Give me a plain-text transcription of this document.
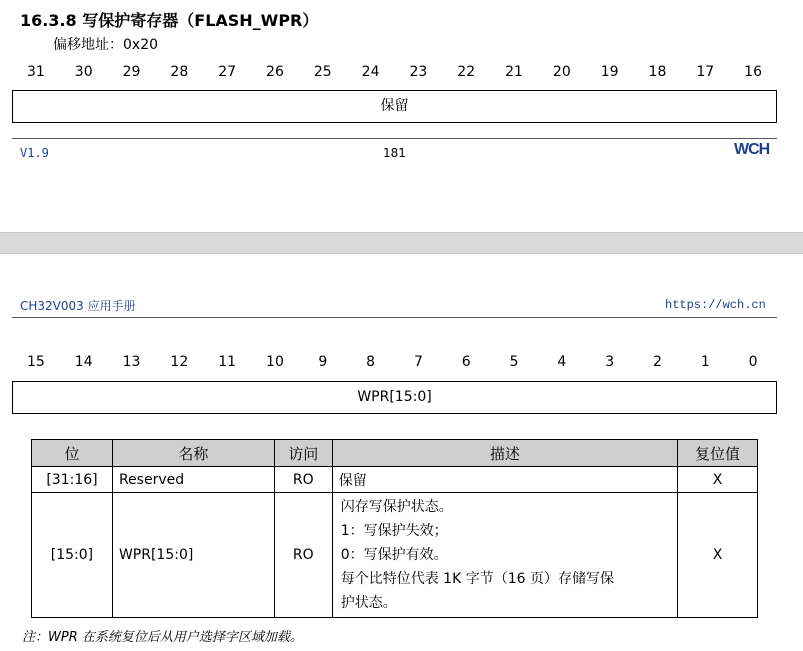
16.3.8 写保护寄存器（FLASH_WPR）
偏移地址：0x20
31	30	29	28	27	26	25	24	23	22	21	20	19	18	17	16
保留
V1.9	181	WCH
CH32V003 应用手册	https://wch.cn
15	14	13	12	11	10	9	8	7	6	5	4	3	2	1	0
WPR[15:0]
位	名称	访问	描述	复位值
[31:16]	Reserved	RO	保留	X
[15:0]	WPR[15:0]	RO	闪存写保护状态。
1：写保护失效；
0：写保护有效。
每个比特位代表 1K 字节（16 页）存储写保
护状态。	X
注：WPR 在系统复位后从用户选择字区域加载。
